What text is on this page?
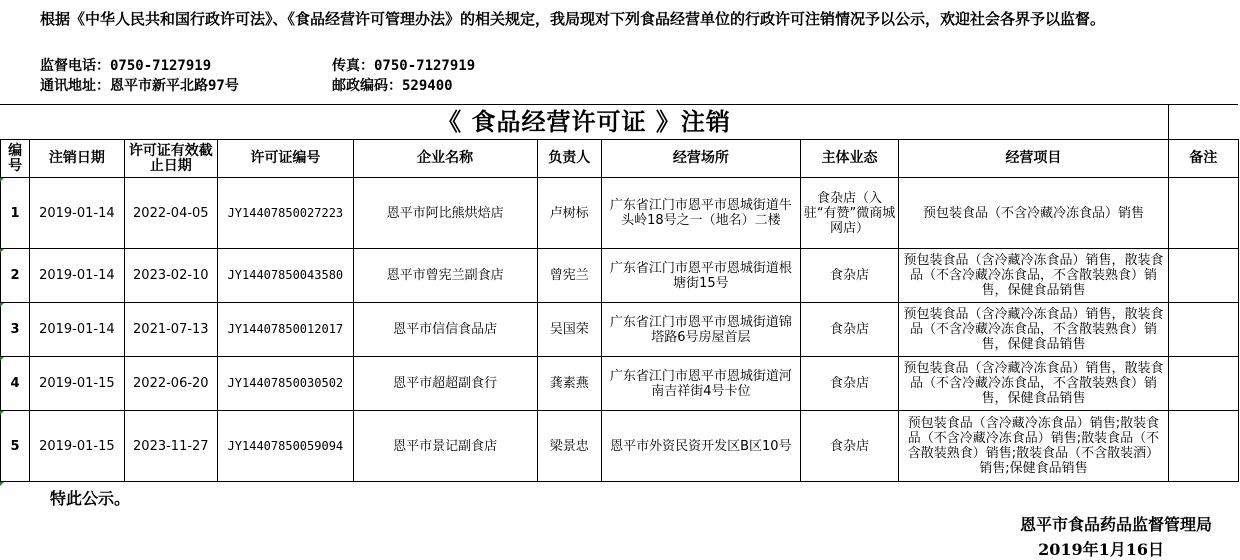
根据《中华人民共和国行政许可法》、《食品经营许可管理办法》的相关规定，我局现对下列食品经营单位的行政许可注销情况予以公示，欢迎社会各界予以监督。
监督电话：0750-7127919	传真：0750-7127919
通讯地址：恩平市新平北路97号	邮政编码：529400
《 食品经营许可证 》注销
编号	注销日期	许可证有效截止日期	许可证编号	企业名称	负责人	经营场所	主体业态	经营项目	备注
1	2019-01-14	2022-04-05	JY14407850027223	恩平市阿比熊烘焙店	卢树标	广东省江门市恩平市恩城街道牛头岭18号之一（地名）二楼	食杂店（入驻“有赞”微商城网店）	预包装食品（不含冷藏冷冻食品）销售	
2	2019-01-14	2023-02-10	JY14407850043580	恩平市曾宪兰副食店	曾宪兰	广东省江门市恩平市恩城街道根塘街15号	食杂店	预包装食品（含冷藏冷冻食品）销售，散装食品（不含冷藏冷冻食品，不含散装熟食）销售，保健食品销售	
3	2019-01-14	2021-07-13	JY14407850012017	恩平市信信食品店	吴国荣	广东省江门市恩平市恩城街道锦塔路6号房屋首层	食杂店	预包装食品（含冷藏冷冻食品）销售，散装食品（不含冷藏冷冻食品，不含散装熟食）销售，保健食品销售	
4	2019-01-15	2022-06-20	JY14407850030502	恩平市超超副食行	龚素燕	广东省江门市恩平市恩城街道河南吉祥街4号卡位	食杂店	预包装食品（含冷藏冷冻食品）销售，散装食品（不含冷藏冷冻食品，不含散装熟食）销售，保健食品销售	
5	2019-01-15	2023-11-27	JY14407850059094	恩平市景记副食店	梁景忠	恩平市外资民资开发区B区10号	食杂店	预包装食品（含冷藏冷冻食品）销售;散装食品（不含冷藏冷冻食品）销售;散装食品（不含散装熟食）销售;散装食品（不含散装酒）销售;保健食品销售	
特此公示。
恩平市食品药品监督管理局
2019年1月16日
